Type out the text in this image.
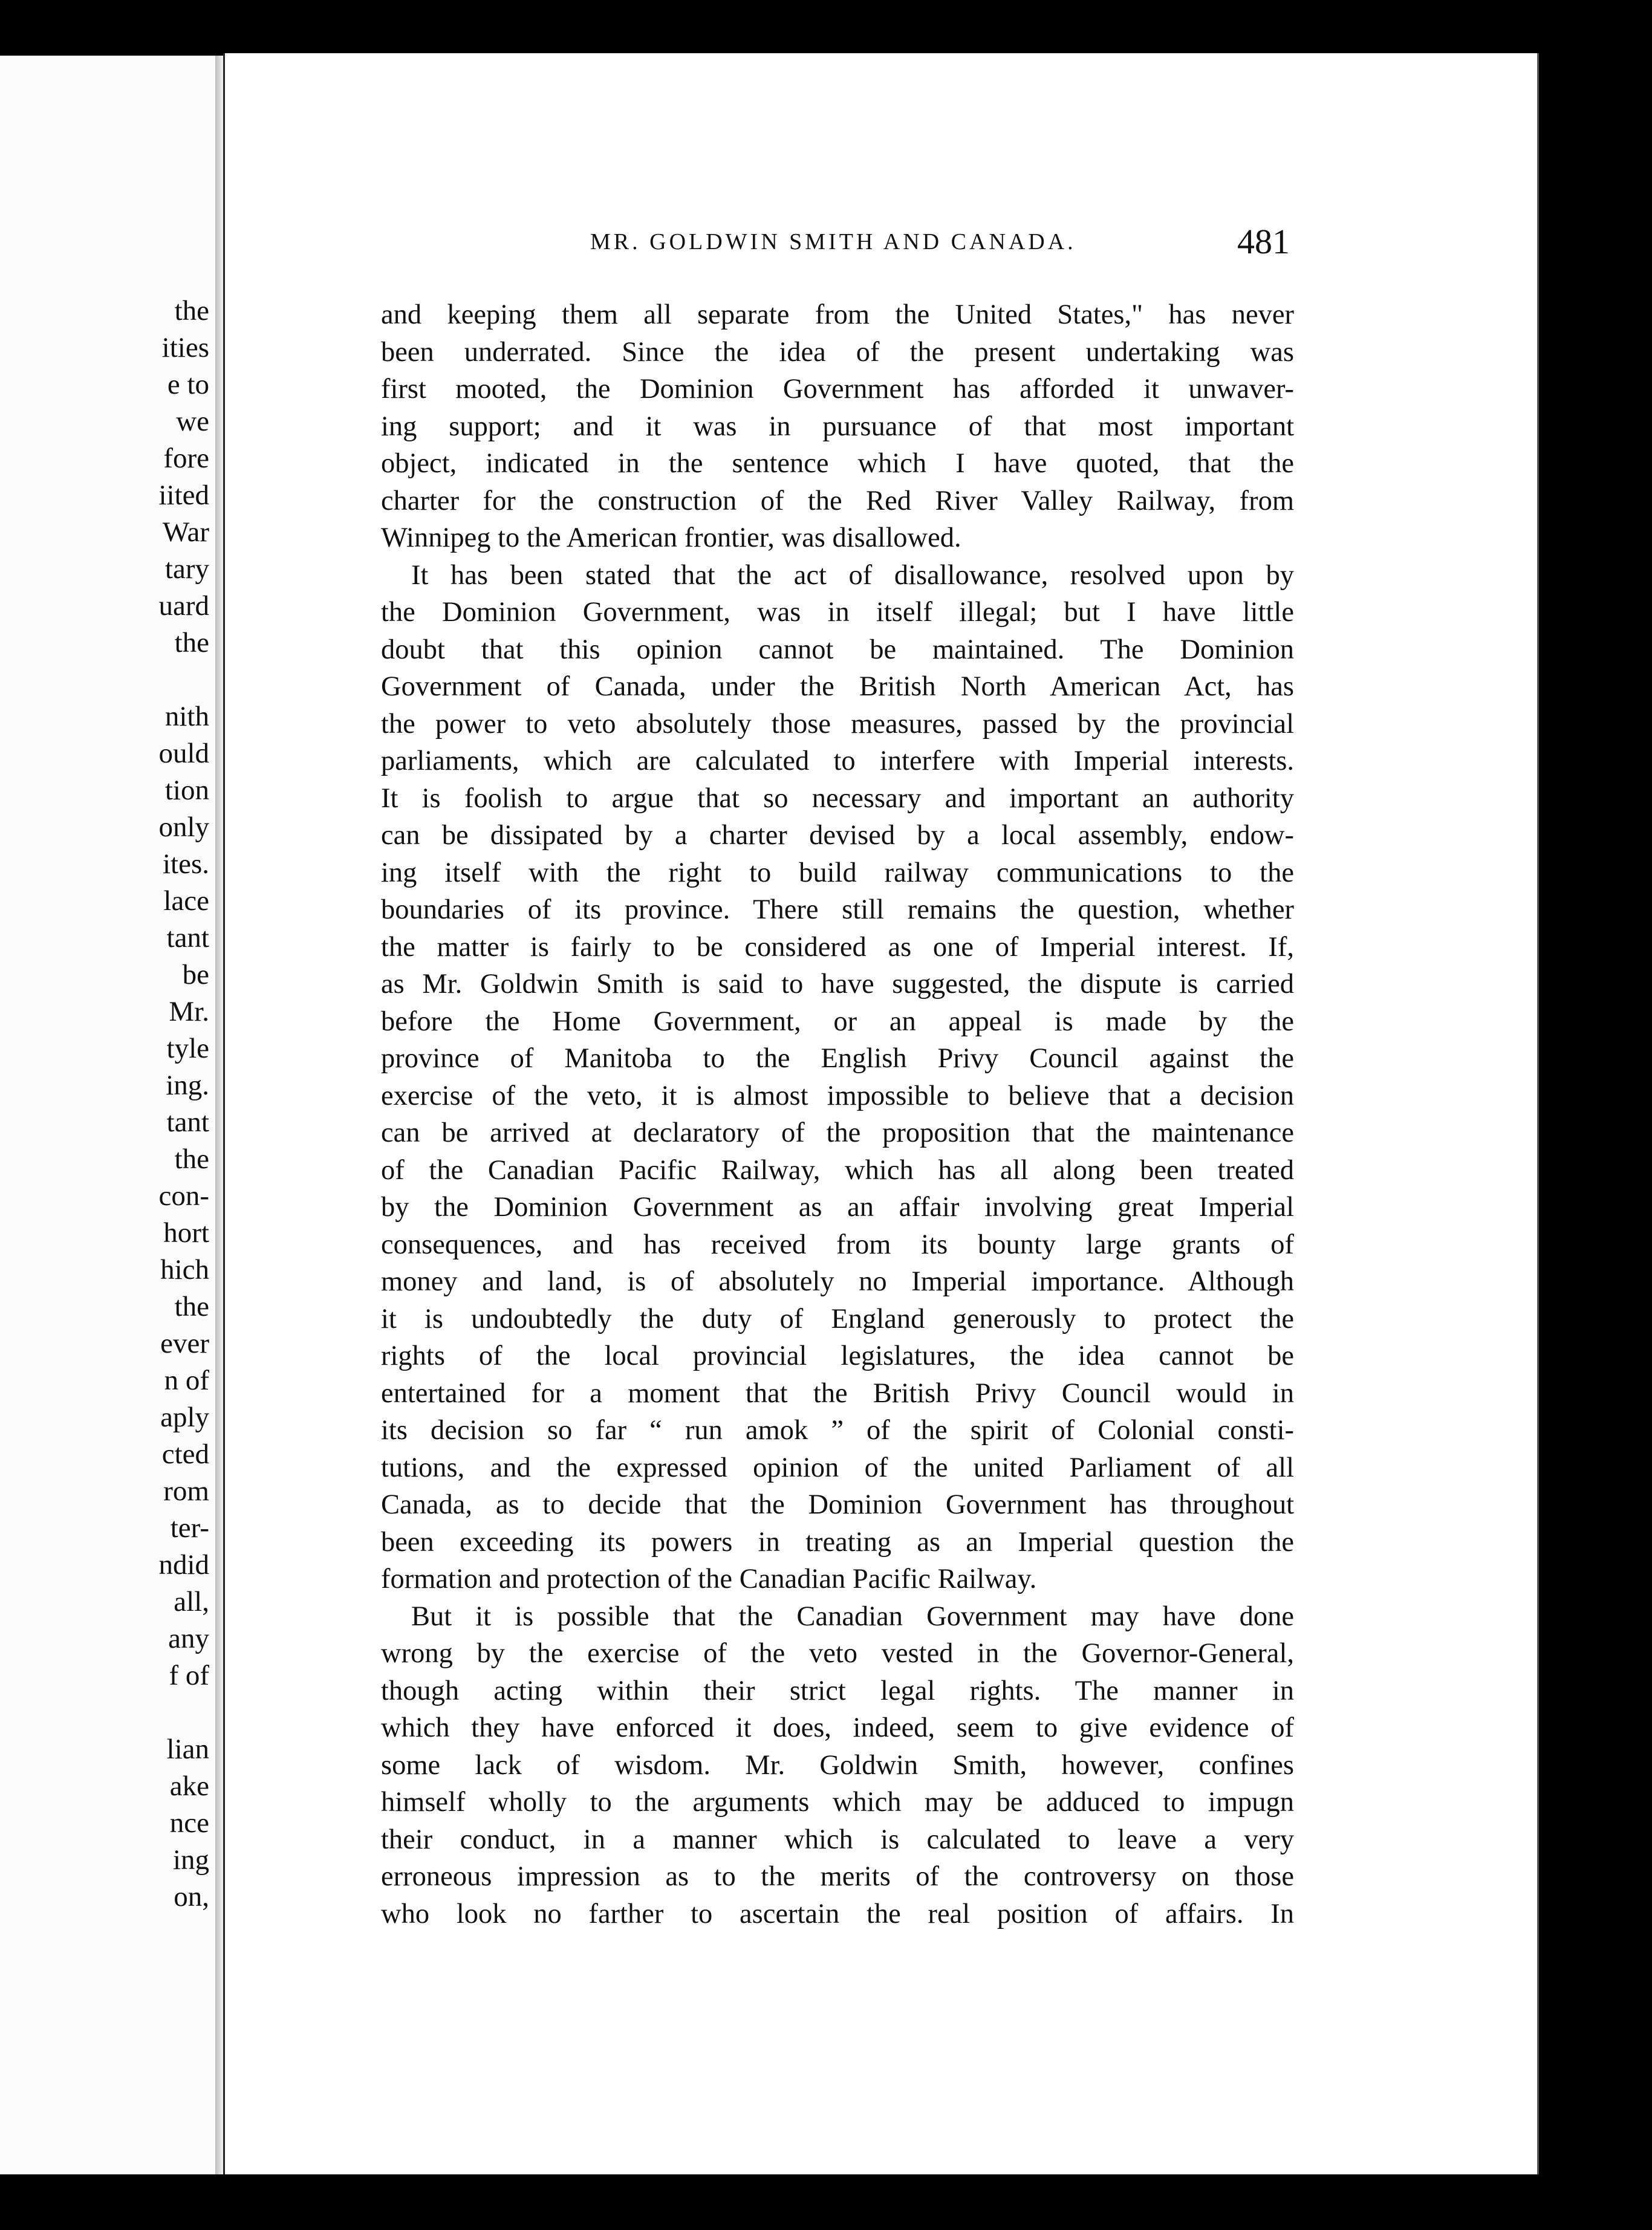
the
ities
e to
we
fore
iited
War
tary
uard
the
nith
ould
tion
only
ites.
lace
tant
be
Mr.
tyle
ing.
tant
the
con-
hort
hich
the
ever
n of
aply
cted
rom
ter-
ndid
all,
any
f of
lian
ake
nce
ing
on,
MR. GOLDWIN SMITH AND CANADA.	481
and keeping them all separate from the United States," has never
been underrated. Since the idea of the present undertaking was
first mooted, the Dominion Government has afforded it unwaver-
ing support; and it was in pursuance of that most important
object, indicated in the sentence which I have quoted, that the
charter for the construction of the Red River Valley Railway, from
Winnipeg to the American frontier, was disallowed.
It has been stated that the act of disallowance, resolved upon by
the Dominion Government, was in itself illegal; but I have little
doubt that this opinion cannot be maintained. The Dominion
Government of Canada, under the British North American Act, has
the power to veto absolutely those measures, passed by the provincial
parliaments, which are calculated to interfere with Imperial interests.
It is foolish to argue that so necessary and important an authority
can be dissipated by a charter devised by a local assembly, endow-
ing itself with the right to build railway communications to the
boundaries of its province. There still remains the question, whether
the matter is fairly to be considered as one of Imperial interest. If,
as Mr. Goldwin Smith is said to have suggested, the dispute is carried
before the Home Government, or an appeal is made by the
province of Manitoba to the English Privy Council against the
exercise of the veto, it is almost impossible to believe that a decision
can be arrived at declaratory of the proposition that the maintenance
of the Canadian Pacific Railway, which has all along been treated
by the Dominion Government as an affair involving great Imperial
consequences, and has received from its bounty large grants of
money and land, is of absolutely no Imperial importance. Although
it is undoubtedly the duty of England generously to protect the
rights of the local provincial legislatures, the idea cannot be
entertained for a moment that the British Privy Council would in
its decision so far “ run amok ” of the spirit of Colonial consti-
tutions, and the expressed opinion of the united Parliament of all
Canada, as to decide that the Dominion Government has throughout
been exceeding its powers in treating as an Imperial question the
formation and protection of the Canadian Pacific Railway.
But it is possible that the Canadian Government may have done
wrong by the exercise of the veto vested in the Governor-General,
though acting within their strict legal rights. The manner in
which they have enforced it does, indeed, seem to give evidence of
some lack of wisdom. Mr. Goldwin Smith, however, confines
himself wholly to the arguments which may be adduced to impugn
their conduct, in a manner which is calculated to leave a very
erroneous impression as to the merits of the controversy on those
who look no farther to ascertain the real position of affairs. In
